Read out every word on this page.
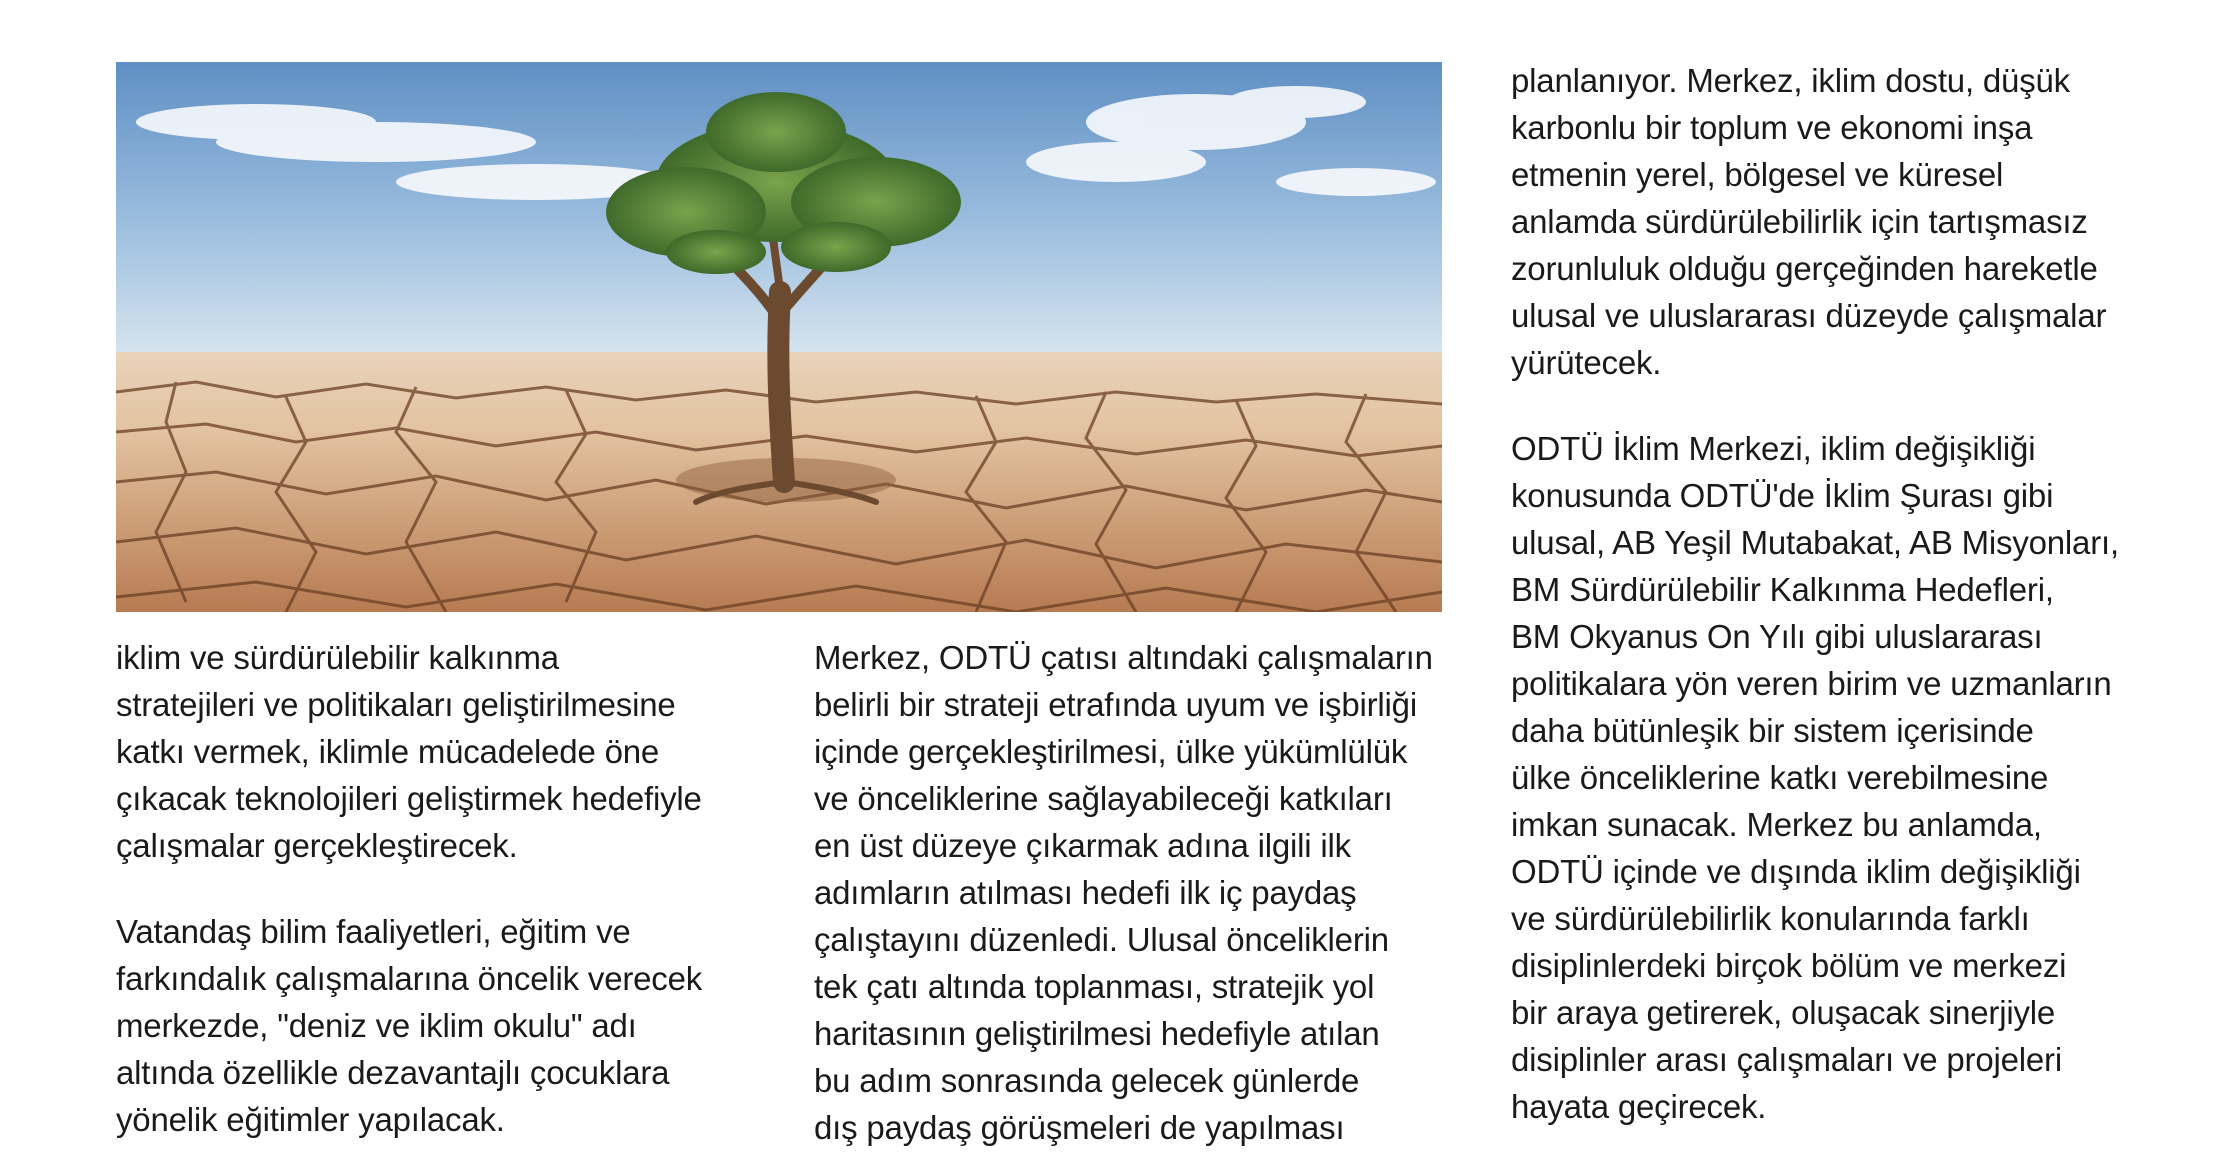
iklim ve sürdürülebilir kalkınma
stratejileri ve politikaları geliştirilmesine
katkı vermek, iklimle mücadelede öne
çıkacak teknolojileri geliştirmek hedefiyle
çalışmalar gerçekleştirecek.

Vatandaş bilim faaliyetleri, eğitim ve
farkındalık çalışmalarına öncelik verecek
merkezde, "deniz ve iklim okulu" adı
altında özellikle dezavantajlı çocuklara
yönelik eğitimler yapılacak.

Merkez, ODTÜ çatısı altındaki çalışmaların
belirli bir strateji etrafında uyum ve işbirliği
içinde gerçekleştirilmesi, ülke yükümlülük
ve önceliklerine sağlayabileceği katkıları
en üst düzeye çıkarmak adına ilgili ilk
adımların atılması hedefi ilk iç paydaş
çalıştayını düzenledi. Ulusal önceliklerin
tek çatı altında toplanması, stratejik yol
haritasının geliştirilmesi hedefiyle atılan
bu adım sonrasında gelecek günlerde
dış paydaş görüşmeleri de yapılması

planlanıyor. Merkez, iklim dostu, düşük
karbonlu bir toplum ve ekonomi inşa
etmenin yerel, bölgesel ve küresel
anlamda sürdürülebilirlik için tartışmasız
zorunluluk olduğu gerçeğinden hareketle
ulusal ve uluslararası düzeyde çalışmalar
yürütecek.

ODTÜ İklim Merkezi, iklim değişikliği
konusunda ODTÜ'de İklim Şurası gibi
ulusal, AB Yeşil Mutabakat, AB Misyonları,
BM Sürdürülebilir Kalkınma Hedefleri,
BM Okyanus On Yılı gibi uluslararası
politikalara yön veren birim ve uzmanların
daha bütünleşik bir sistem içerisinde
ülke önceliklerine katkı verebilmesine
imkan sunacak. Merkez bu anlamda,
ODTÜ içinde ve dışında iklim değişikliği
ve sürdürülebilirlik konularında farklı
disiplinlerdeki birçok bölüm ve merkezi
bir araya getirerek, oluşacak sinerjiyle
disiplinler arası çalışmaları ve projeleri
hayata geçirecek.
